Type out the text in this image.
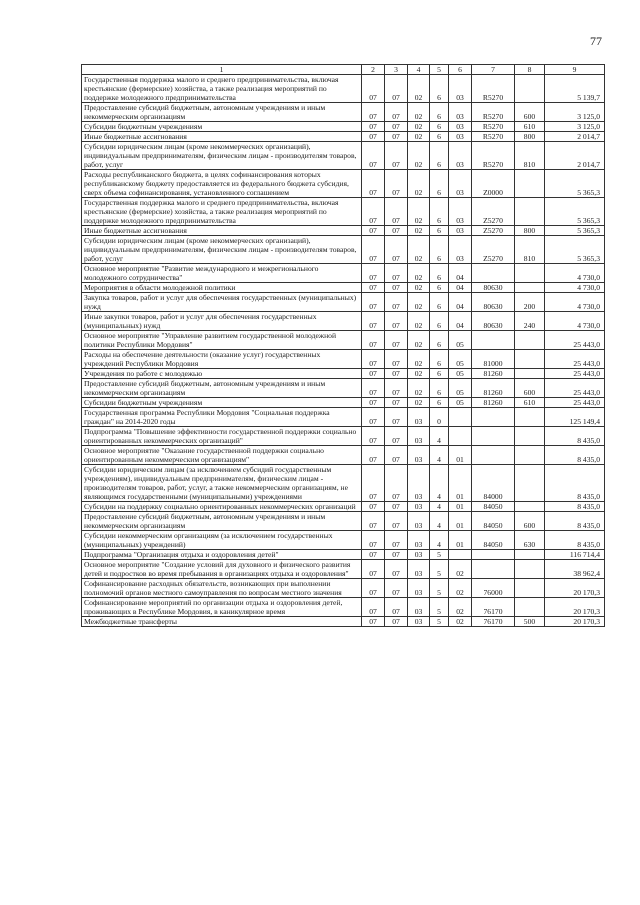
77
1	2	3	4	5	6	7	8	9
Государственная поддержка малого и среднего предпринимательства, включая крестьянские (фермерские) хозяйства, а также реализация мероприятий по поддержке молодежного предпринимательства	07	07	02	6	03	R5270		5 139,7
Предоставление субсидий бюджетным, автономным учреждениям и иным некоммерческим организациям	07	07	02	6	03	R5270	600	3 125,0
Субсидии бюджетным учреждениям	07	07	02	6	03	R5270	610	3 125,0
Иные бюджетные ассигнования	07	07	02	6	03	R5270	800	2 014,7
Субсидии юридическим лицам (кроме некоммерческих организаций), индивидуальным предпринимателям, физическим лицам - производителям товаров, работ, услуг	07	07	02	6	03	R5270	810	2 014,7
Расходы республиканского бюджета, в целях софинансирования которых республиканскому бюджету предоставляется из федерального бюджета субсидия, сверх объема софинансирования, установленного соглашением	07	07	02	6	03	Z0000		5 365,3
Государственная поддержка малого и среднего предпринимательства, включая крестьянские (фермерские) хозяйства, а также реализация мероприятий по поддержке молодежного предпринимательства	07	07	02	6	03	Z5270		5 365,3
Иные бюджетные ассигнования	07	07	02	6	03	Z5270	800	5 365,3
Субсидии юридическим лицам (кроме некоммерческих организаций), индивидуальным предпринимателям, физическим лицам - производителям товаров, работ, услуг	07	07	02	6	03	Z5270	810	5 365,3
Основное мероприятие "Развитие международного и межрегионального молодежного сотрудничества"	07	07	02	6	04			4 730,0
Мероприятия в области молодежной политики	07	07	02	6	04	80630		4 730,0
Закупка товаров, работ и услуг для обеспечения государственных (муниципальных) нужд	07	07	02	6	04	80630	200	4 730,0
Иные закупки товаров, работ и услуг для обеспечения государственных (муниципальных) нужд	07	07	02	6	04	80630	240	4 730,0
Основное мероприятие "Управление развитием государственной молодежной политики Республики Мордовия"	07	07	02	6	05			25 443,0
Расходы на обеспечение деятельности (оказание услуг) государственных учреждений Республики Мордовия	07	07	02	6	05	81000		25 443,0
Учреждения по работе с молодежью	07	07	02	6	05	81260		25 443,0
Предоставление субсидий бюджетным, автономным учреждениям и иным некоммерческим организациям	07	07	02	6	05	81260	600	25 443,0
Субсидии бюджетным учреждениям	07	07	02	6	05	81260	610	25 443,0
Государственная программа Республики Мордовия "Социальная поддержка граждан" на 2014-2020 годы	07	07	03	0				125 149,4
Подпрограмма "Повышение эффективности государственной поддержки социально ориентированных некоммерческих организаций"	07	07	03	4				8 435,0
Основное мероприятие "Оказание государственной поддержки социально ориентированным некоммерческим организациям"	07	07	03	4	01			8 435,0
Субсидии юридическим лицам (за исключением субсидий государственным учреждениям), индивидуальным предпринимателям, физическим лицам - производителям товаров, работ, услуг, а также некоммерческим организациям, не являющимся государственными (муниципальными) учреждениями	07	07	03	4	01	84000		8 435,0
Субсидии на поддержку социально ориентированных некоммерческих организаций	07	07	03	4	01	84050		8 435,0
Предоставление субсидий бюджетным, автономным учреждениям и иным некоммерческим организациям	07	07	03	4	01	84050	600	8 435,0
Субсидии некоммерческим организациям (за исключением государственных (муниципальных) учреждений)	07	07	03	4	01	84050	630	8 435,0
Подпрограмма "Организация отдыха и оздоровления детей"	07	07	03	5				116 714,4
Основное мероприятие "Создание условий для духовного и физического развития детей и подростков во время пребывания в организациях отдыха и оздоровления"	07	07	03	5	02			38 962,4
Софинансирование расходных обязательств, возникающих при выполнении полномочий органов местного самоуправления по вопросам местного значения	07	07	03	5	02	76000		20 170,3
Софинансирование мероприятий по организации отдыха и оздоровления детей, проживающих в Республике Мордовия, в каникулярное время	07	07	03	5	02	76170		20 170,3
Межбюджетные трансферты	07	07	03	5	02	76170	500	20 170,3
